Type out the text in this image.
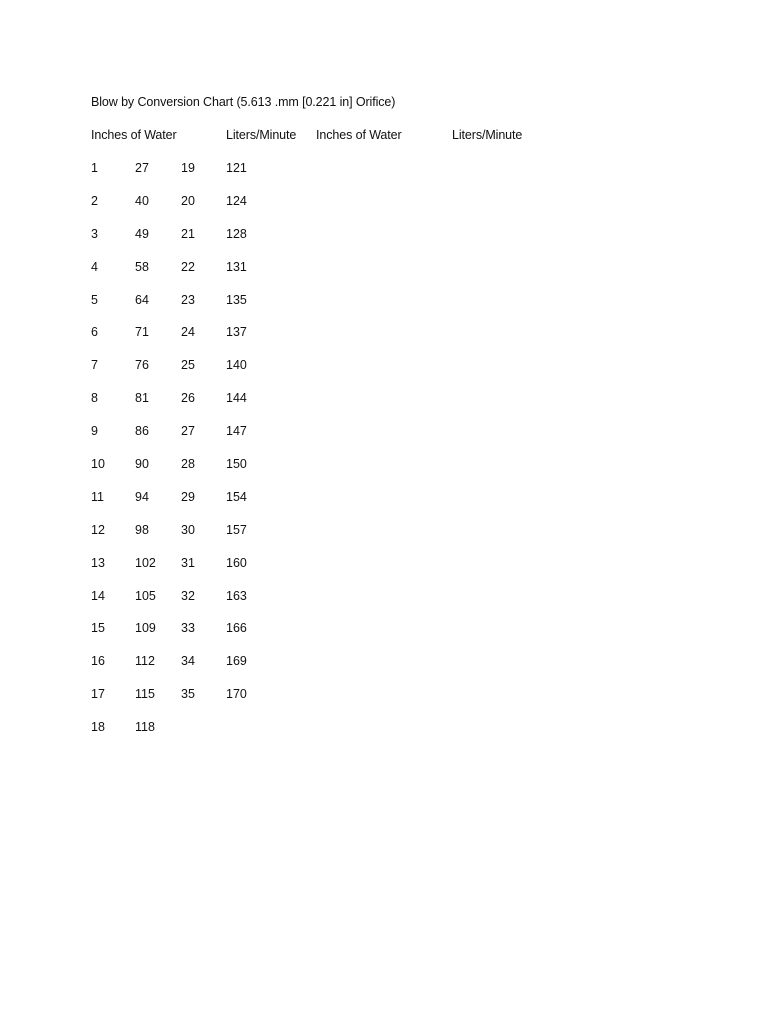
Blow by Conversion Chart (5.613 .mm [0.221 in] Orifice)
Inches of Water	Liters/Minute Inches of Water	Liters/Minute
1	27	19 121
2	40	20 124
3	49	21 128
4	58	22 131
5	64	23 135
6	71	24 137
7	76	25 140
8	81	26 144
9	86	27 147
10 90	28 150
11 94	29 154
12 98	30 157
13 102 31 160
14 105 32 163
15 109 33 166
16 112 34 169
17 115 35 170
18 118
